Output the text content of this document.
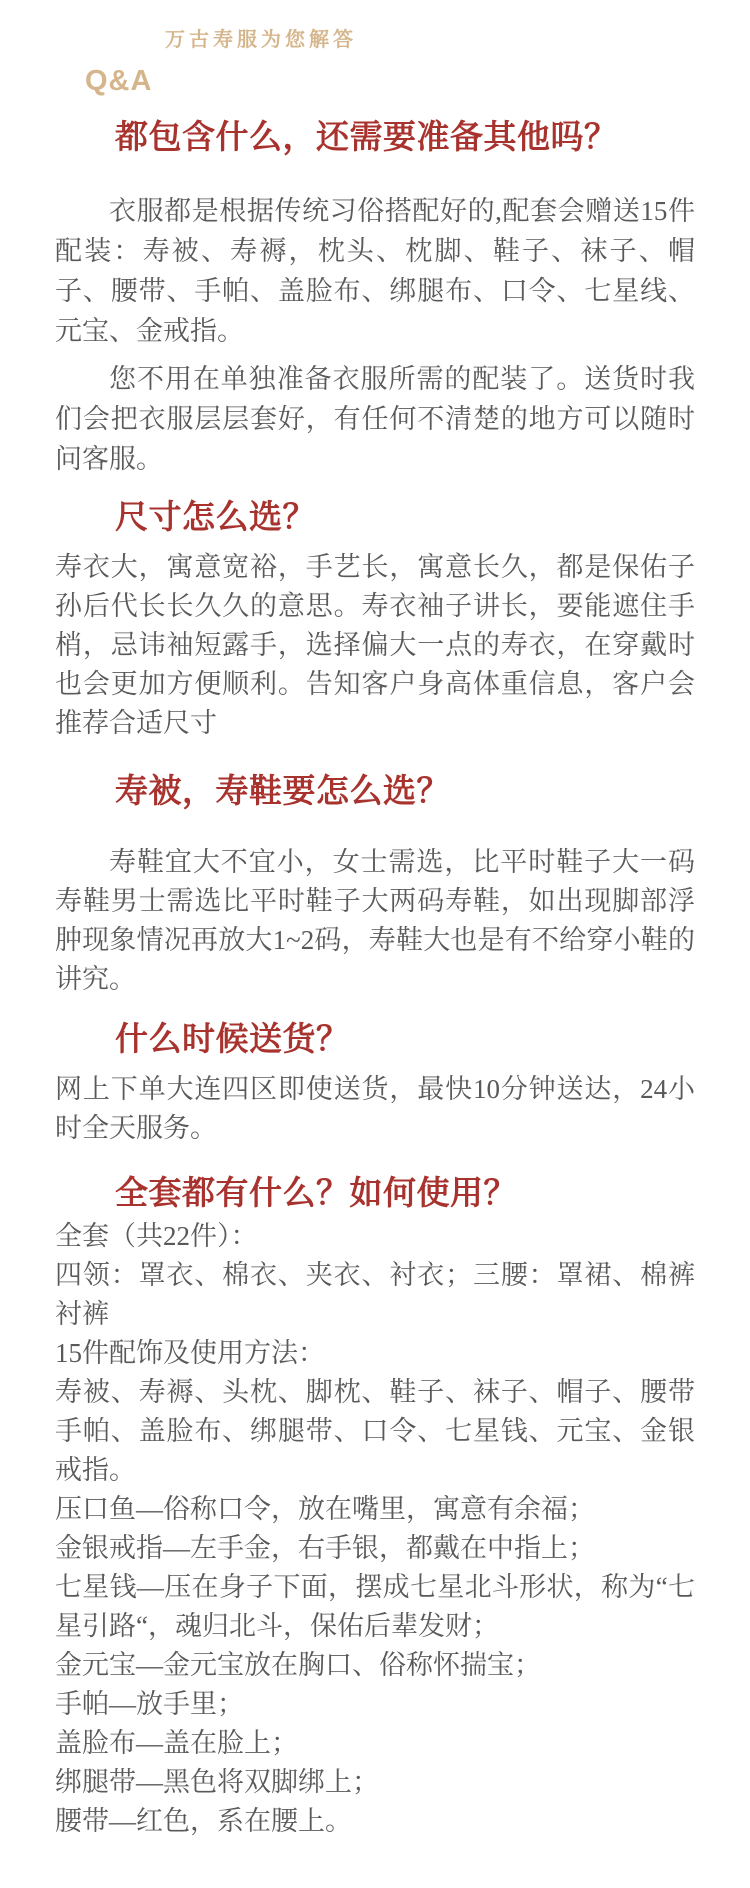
万古寿服为您解答
Q&A
都包含什么，还需要准备其他吗？

衣服都是根据传统习俗搭配好的,配套会赠送15件配装：寿被、寿褥，枕头、枕脚、鞋子、袜子、帽子、腰带、手帕、盖脸布、绑腿布、口令、七星线、元宝、金戒指。

您不用在单独准备衣服所需的配装了。送货时我们会把衣服层层套好，有任何不清楚的地方可以随时问客服。

尺寸怎么选？

寿衣大，寓意宽裕，手艺长，寓意长久，都是保佑子孙后代长长久久的意思。寿衣袖子讲长，要能遮住手梢，忌讳袖短露手，选择偏大一点的寿衣，在穿戴时也会更加方便顺利。告知客户身高体重信息，客户会推荐合适尺寸

寿被，寿鞋要怎么选？

寿鞋宜大不宜小，女士需选，比平时鞋子大一码寿鞋男士需选比平时鞋子大两码寿鞋，如出现脚部浮肿现象情况再放大1~2码，寿鞋大也是有不给穿小鞋的讲究。

什么时候送货？

网上下单大连四区即使送货，最快10分钟送达，24小时全天服务。

全套都有什么？如何使用？

全套（共22件）：

四领：罩衣、棉衣、夹衣、衬衣；三腰：罩裙、棉裤衬裤

15件配饰及使用方法：

寿被、寿褥、头枕、脚枕、鞋子、袜子、帽子、腰带手帕、盖脸布、绑腿带、口令、七星钱、元宝、金银戒指。

压口鱼—俗称口令，放在嘴里，寓意有余福；

金银戒指—左手金，右手银，都戴在中指上；

七星钱—压在身子下面，摆成七星北斗形状，称为“七星引路“，魂归北斗，保佑后辈发财；

金元宝—金元宝放在胸口、俗称怀揣宝；

手帕—放手里；

盖脸布—盖在脸上；

绑腿带—黑色将双脚绑上；

腰带—红色，系在腰上。
